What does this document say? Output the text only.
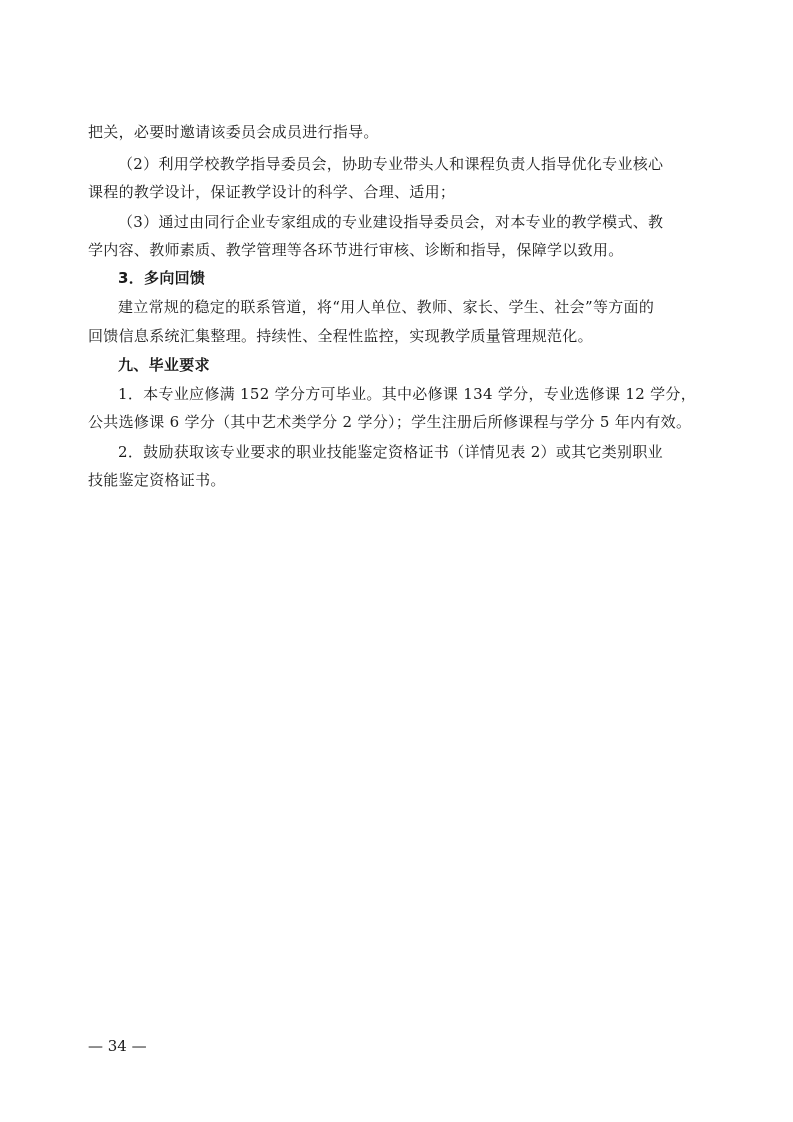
把关，必要时邀请该委员会成员进行指导。
（2）利用学校教学指导委员会，协助专业带头人和课程负责人指导优化专业核心
课程的教学设计，保证教学设计的科学、合理、适用；
（3）通过由同行企业专家组成的专业建设指导委员会，对本专业的教学模式、教
学内容、教师素质、教学管理等各环节进行审核、诊断和指导，保障学以致用。
3．多向回馈
建立常规的稳定的联系管道，将“用人单位、教师、家长、学生、社会”等方面的
回馈信息系统汇集整理。持续性、全程性监控，实现教学质量管理规范化。
九、毕业要求
1．本专业应修满 152 学分方可毕业。其中必修课 134 学分，专业选修课 12 学分，
公共选修课 6 学分（其中艺术类学分 2 学分）；学生注册后所修课程与学分 5 年内有效。
2．鼓励获取该专业要求的职业技能鉴定资格证书（详情见表 2）或其它类别职业
技能鉴定资格证书。
— 34 —
